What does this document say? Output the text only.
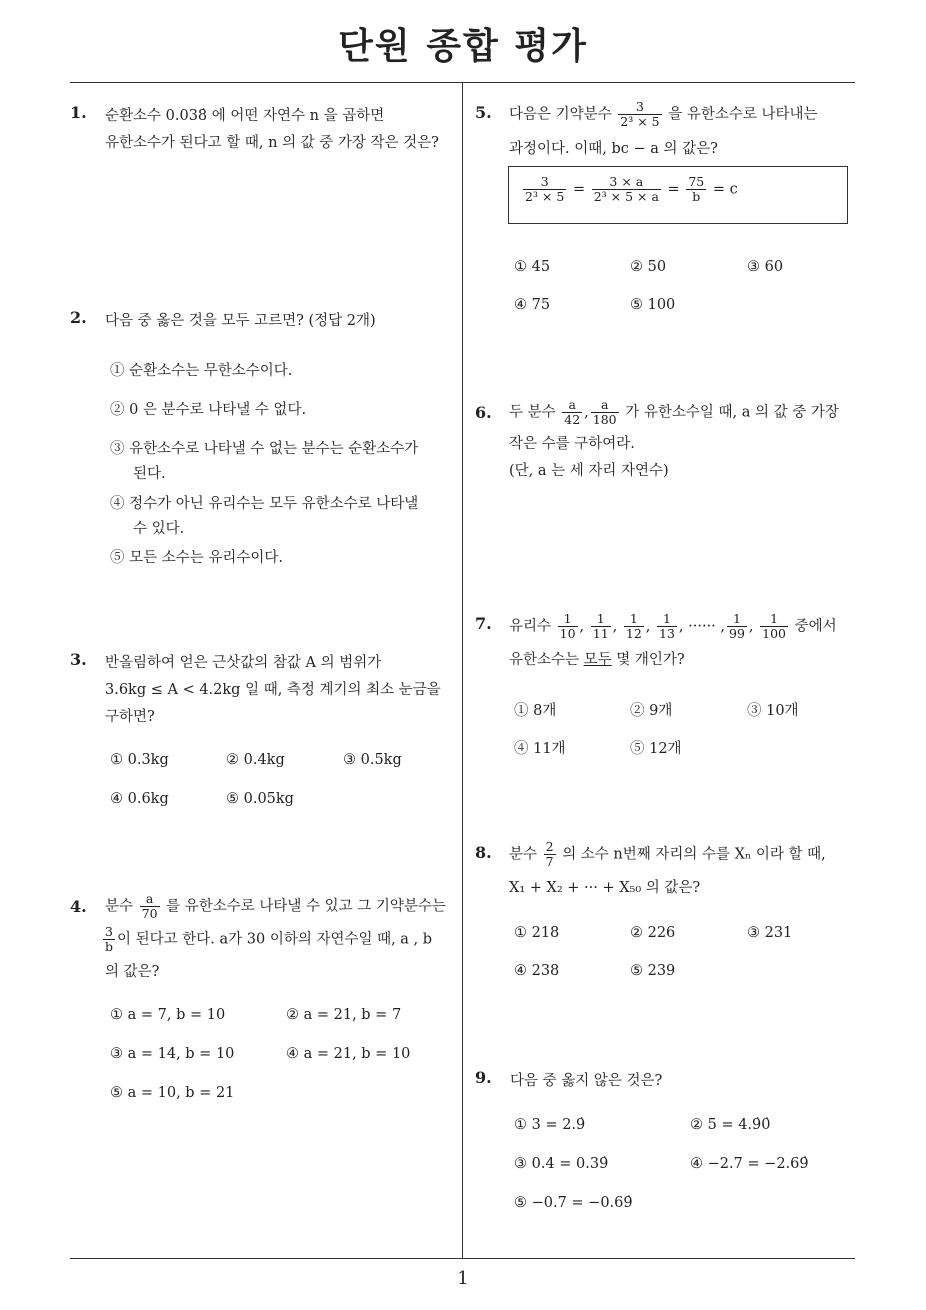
단원 종합 평가
1
1. 순환소수 0.038̇ 에 어떤 자연수 n 을 곱하면
유한소수가 된다고 할 때, n 의 값 중 가장 작은 것은?
2. 다음 중 옳은 것을 모두 고르면? (정답 2개)
① 순환소수는 무한소수이다.
② 0 은 분수로 나타낼 수 없다.
③ 유한소수로 나타낼 수 없는 분수는 순환소수가
된다.
④ 정수가 아닌 유리수는 모두 유한소수로 나타낼
수 있다.
⑤ 모든 소수는 유리수이다.
3. 반올림하여 얻은 근삿값의 참값 A 의 범위가
3.6kg ≤ A < 4.2kg 일 때, 측정 계기의 최소 눈금을
구하면?
① 0.3kg	② 0.4kg	③ 0.5kg
④ 0.6kg	⑤ 0.05kg
4. 분수 $\frac{a}{70}$ 를 유한소수로 나타낼 수 있고 그 기약분수는
$\frac{3}{b}$ 이 된다고 한다. a가 30 이하의 자연수일 때, a , b
의 값은?
① a = 7, b = 10	② a = 21, b = 7
③ a = 14, b = 10	④ a = 21, b = 10
⑤ a = 10, b = 21
5. 다음은 기약분수 $\frac{3}{\text{2³ × 5}}$ 을 유한소수로 나타내는
과정이다. 이때, bc − a 의 값은?
$\frac{3}{\text{2³ × 5}} = \frac{3 \times a}{\text{2³ × 5 × a}} = \frac{75}{b} = c$
① 45	② 50	③ 60
④ 75	⑤ 100
6. 두 분수 $\frac{a}{42}$ , $\frac{a}{180}$ 가 유한소수일 때, a 의 값 중 가장
작은 수를 구하여라.
(단, a 는 세 자리 자연수)
7. 유리수 $\frac{1}{10}$ , $\frac{1}{11}$ , $\frac{1}{12}$ , $\frac{1}{13}$ , ······ , $\frac{1}{99}$ , $\frac{1}{100}$ 중에서
유한소수는 모두 몇 개인가?
① 8개	② 9개	③ 10개
④ 11개	⑤ 12개
8. 분수 $\frac{2}{7}$ 의 소수 n번째 자리의 수를 Xₙ 이라 할 때,
X₁ + X₂ + ··· + X₅₀ 의 값은?
① 218	② 226	③ 231
④ 238	⑤ 239
9. 다음 중 옳지 않은 것은?
① 3 = 2.9̇	② 5 = 4.9̇0̇
③ 0.4 = 0.39̇	④ −2.7 = −2.69̇
⑤ −0.7 = −0.69̇
